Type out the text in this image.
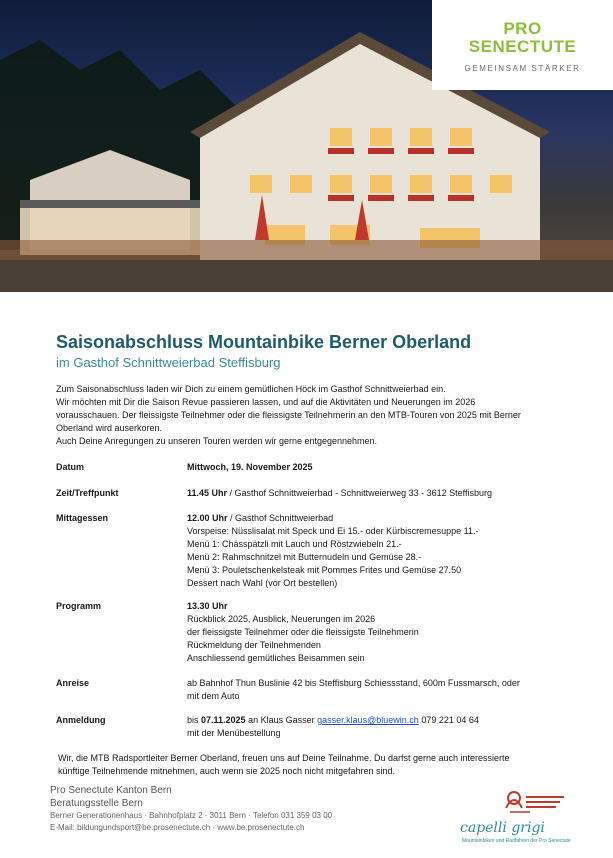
PRO
SENECTUTE
GEMEINSAM STÄRKER
Saisonabschluss Mountainbike Berner Oberland
im Gasthof Schnittweierbad Steffisburg

Zum Saisonabschluss laden wir Dich zu einem gemütlichen Höck im Gasthof Schnittweierbad ein.

Wir möchten mit Dir die Saison Revue passieren lassen, und auf die Aktivitäten und Neuerungen im 2026

vorausschauen. Der fleissigste Teilnehmer oder die fleissigste Teilnehmerin an den MTB-Touren von 2025 mit Berner

Oberland wird auserkoren.

Auch Deine Anregungen zu unseren Touren werden wir gerne entgegennehmen.

Datum	Mittwoch, 19. November 2025

Zeit/Treffpunkt	11.45 Uhr / Gasthof Schnittweierbad - Schnittweierweg 33 - 3612 Steffisburg

Mittagessen	12.00 Uhr / Gasthof Schnittweierbad

Vorspeise: Nüsslisalat mit Speck und Ei 15.- oder Kürbiscremesuppe 11.-

Menü 1: Chässpätzli mit Lauch und Röstzwiebeln 21.-

Menü 2: Rahmschnitzel mit Butternudeln und Gemüse 28.-

Menü 3: Pouletschenkelsteak mit Pommes Frites und Gemüse 27.50

Dessert nach Wahl (vor Ort bestellen)

Programm	13.30 Uhr

Rückblick 2025, Ausblick, Neuerungen im 2026

der fleissigste Teilnehmer oder die fleissigste Teilnehmerin

Rückmeldung der Teilnehmenden

Anschliessend gemütliches Beisammen sein

Anreise	ab Bahnhof Thun Buslinie 42 bis Steffisburg Schiessstand, 600m Fussmarsch, oder

mit dem Auto

Anmeldung	bis 07.11.2025 an Klaus Gasser gasser.klaus@bluewin.ch 079 221 04 64

mit der Menübestellung

Wir, die MTB Radsportleiter Berner Oberland, freuen uns auf Deine Teilnahme. Du darfst gerne auch interessierte

künftige Teilnehmende mitnehmen, auch wenn sie 2025 noch nicht mitgefahren sind.

Pro Senectute Kanton Bern
Beratungsstelle Bern
Berner Generationenhaus · Bahnhofplatz 2 · 3011 Bern · Telefon 031 359 03 00
E-Mail: bildungundsport@be.prosenectute.ch · www.be.prosenectute.ch	capelli grigi
Mountainbiken und Radfahren der Pro Senectute
